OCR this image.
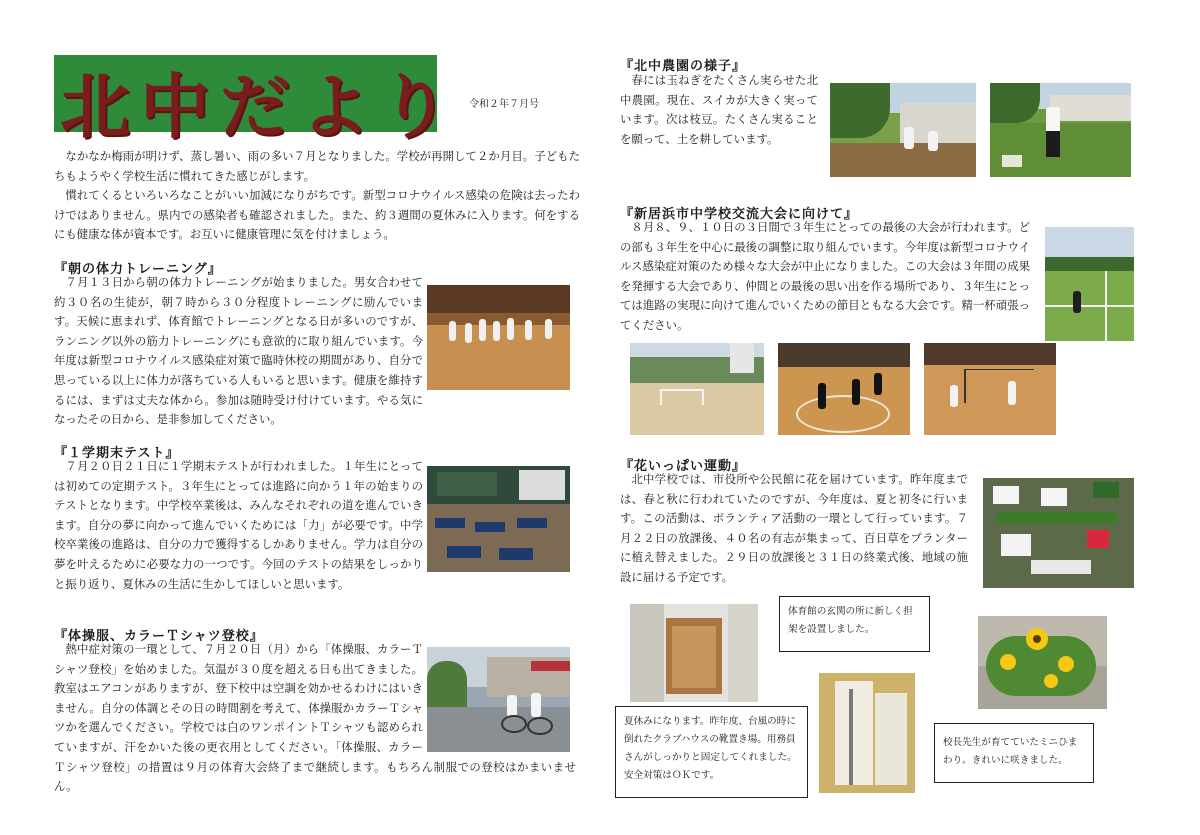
北中だより 令和２年７月号

なかなか梅雨が明けず、蒸し暑い、雨の多い７月となりました。学校が再開して２か月目。子どもたちもようやく学校生活に慣れてきた感じがします。

慣れてくるといろいろなことがいい加減になりがちです。新型コロナウイルス感染の危険は去ったわけではありません。県内での感染者も確認されました。また、約３週間の夏休みに入ります。何をするにも健康な体が資本です。お互いに健康管理に気を付けましょう。

『朝の体力トレーニング』

７月１３日から朝の体力トレーニングが始まりました。男女合わせて約３０名の生徒が，朝７時から３０分程度トレーニングに励んでいます。天候に恵まれず、体育館でトレーニングとなる日が多いのですが、ランニング以外の筋力トレーニングにも意欲的に取り組んでいます。今年度は新型コロナウイルス感染症対策で臨時休校の期間があり、自分で思っている以上に体力が落ちている人もいると思います。健康を維持するには、まずは丈夫な体から。参加は随時受け付けています。やる気になったその日から、是非参加してください。

『１学期末テスト』

７月２０日２１日に１学期末テストが行われました。１年生にとっては初めての定期テスト。３年生にとっては進路に向かう１年の始まりのテストとなります。中学校卒業後は、みんなそれぞれの道を進んでいきます。自分の夢に向かって進んでいくためには「力」が必要です。中学校卒業後の進路は、自分の力で獲得するしかありません。学力は自分の夢を叶えるために必要な力の一つです。今回のテストの結果をしっかりと振り返り、夏休みの生活に生かしてほしいと思います。

『体操服、カラーＴシャツ登校』

熱中症対策の一環として、７月２０日（月）から「体操服、カラーＴシャツ登校」を始めました。気温が３０度を超える日も出てきました。教室はエアコンがありますが、登下校中は空調を効かせるわけにはいきません。自分の体調とその日の時間割を考えて、体操服かカラーＴシャツかを選んでください。学校では白のワンポイントＴシャツも認められていますが、汗をかいた後の更衣用としてください。「体操服、カラーＴシャツ登校」の措置は９月の体育大会終了まで継続します。もちろん制服での登校はかまいません。

『北中農園の様子』

春には玉ねぎをたくさん実らせた北中農園。現在、スイカが大きく実っています。次は枝豆。たくさん実ることを願って、土を耕しています。

『新居浜市中学校交流大会に向けて』

８月８、９、１０日の３日間で３年生にとっての最後の大会が行われます。どの部も３年生を中心に最後の調整に取り組んでいます。今年度は新型コロナウイルス感染症対策のため様々な大会が中止になりました。この大会は３年間の成果を発揮する大会であり、仲間との最後の思い出を作る場所であり、３年生にとっては進路の実現に向けて進んでいくための節目ともなる大会です。精一杯頑張ってください。

『花いっぱい運動』

北中学校では、市役所や公民館に花を届けています。昨年度までは、春と秋に行われていたのですが、今年度は、夏と初冬に行います。この活動は、ボランティア活動の一環として行っています。７月２２日の放課後、４０名の有志が集まって、百日草をプランターに植え替えました。２９日の放課後と３１日の終業式後、地域の施設に届ける予定です。

体育館の玄関の所に新しく担架を設置しました。
夏休みになります。昨年度、台風の時に倒れたクラブハウスの靴置き場。用務員さんがしっかりと固定してくれました。安全対策はＯＫです。
校長先生が育てていたミニひまわり。きれいに咲きました。
